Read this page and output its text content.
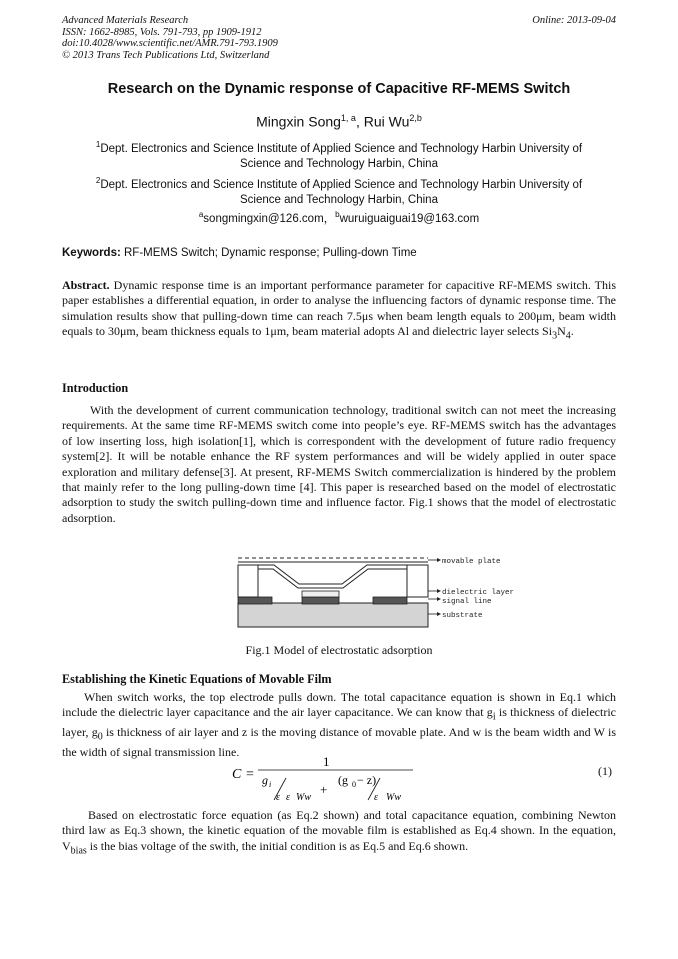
Advanced Materials Research
ISSN: 1662-8985, Vols. 791-793, pp 1909-1912
doi:10.4028/www.scientific.net/AMR.791-793.1909
© 2013 Trans Tech Publications Ltd, Switzerland
Online: 2013-09-04
Research on the Dynamic response of Capacitive RF-MEMS Switch
Mingxin Song$^{1, a}$, Rui Wu$^{2,b}$
$^1$Dept. Electronics and Science Institute of Applied Science and Technology Harbin University of
Science and Technology Harbin, China
$^2$Dept. Electronics and Science Institute of Applied Science and Technology Harbin University of
Science and Technology Harbin, China
$^a$songmingxin@126.com，$^b$wuruiguaiguai19@163.com
Keywords: RF-MEMS Switch; Dynamic response; Pulling-down Time
Abstract. Dynamic response time is an important performance parameter for capacitive RF-MEMS switch. This paper establishes a differential equation, in order to analyse the influencing factors of dynamic response time. The simulation results show that pulling-down time can reach 7.5μs when beam length equals to 200μm, beam width equals to 30μm, beam thickness equals to 1μm, beam material adopts Al and dielectric layer selects $Si_3N_4$.
Introduction
With the development of current communication technology, traditional switch can not meet the increasing requirements. At the same time RF-MEMS switch come into people’s eye. RF-MEMS switch has the advantages of low inserting loss, high isolation[1], which is correspondent with the development of future radio frequency system[2]. It will be notable enhance the RF system performances and will be widely applied in outer space exploration and military defense[3]. At present, RF-MEMS Switch commercialization is hindered by the problem that mainly refer to the long pulling-down time [4]. This paper is researched based on the model of electrostatic adsorption to study the switch pulling-down time and influence factor. Fig.1 shows that the model of electrostatic adsorption.
movable plate
dielectric layer
signal line
substrate
Fig.1 Model of electrostatic adsorption
Establishing the Kinetic Equations of Movable Film
When switch works, the top electrode pulls down. The total capacitance equation is shown in Eq.1 which include the dielectric layer capacitance and the air layer capacitance. We can know that $g_i$ is thickness of dielectric layer, $g_0$ is thickness of air layer and z is the moving distance of movable plate. And w is the beam width and W is the width of signal transmission line.
C =
1
g i
ε ε Ww
+
(g 0 − z)
ε Ww
(1)
Based on electrostatic force equation (as Eq.2 shown) and total capacitance equation, combining Newton third law as Eq.3 shown, the kinetic equation of the movable film is established as Eq.4 shown. In the equation, $V_{bias}$ is the bias voltage of the swith, the initial condition is as Eq.5 and Eq.6 shown.
